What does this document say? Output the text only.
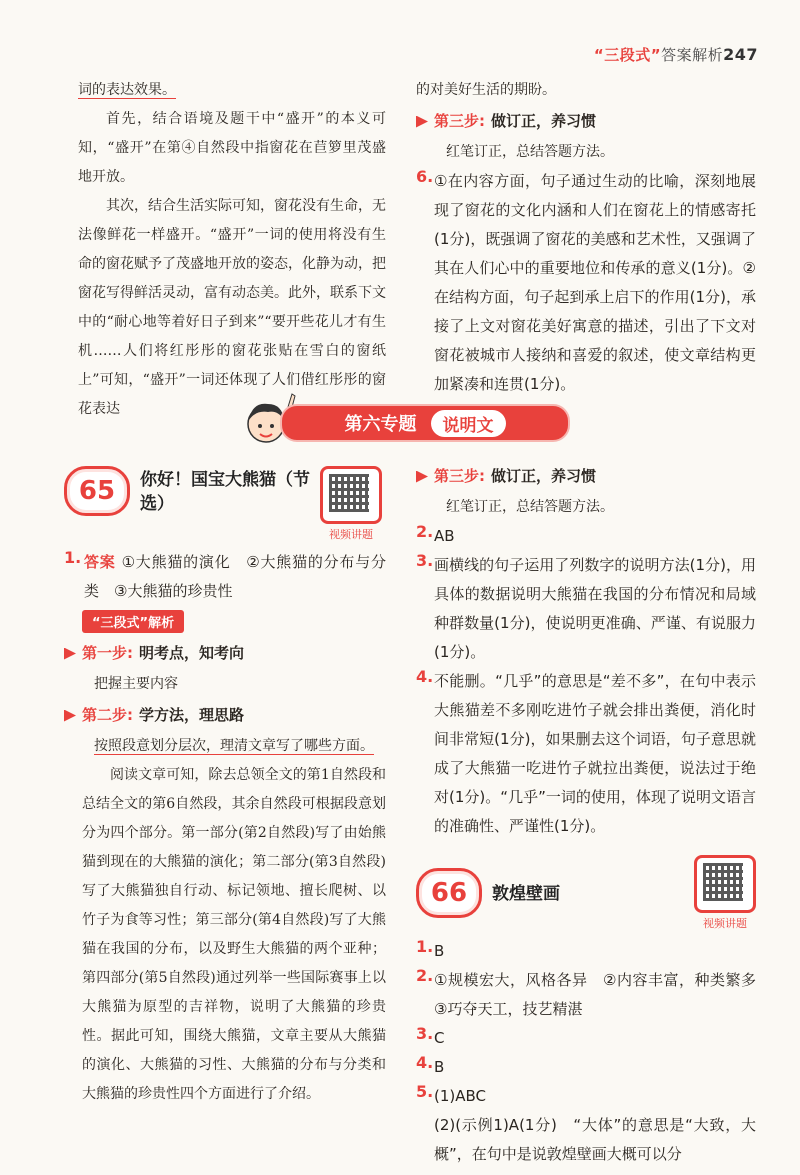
“三段式”答案解析247

词的表达效果。

首先，结合语境及题干中“盛开”的本义可知，“盛开”在第④自然段中指窗花在苣箩里茂盛地开放。

其次，结合生活实际可知，窗花没有生命，无法像鲜花一样盛开。“盛开”一词的使用将没有生命的窗花赋予了茂盛地开放的姿态，化静为动，把窗花写得鲜活灵动，富有动态美。此外，联系下文中的“耐心地等着好日子到来”“要开些花儿才有生机……人们将红彤彤的窗花张贴在雪白的窗纸上”可知，“盛开”一词还体现了人们借红彤彤的窗花表达

的对美好生活的期盼。

第三步: 做订正，养习惯

红笔订正，总结答题方法。

6. ①在内容方面，句子通过生动的比喻，深刻地展现了窗花的文化内涵和人们在窗花上的情感寄托(1分)，既强调了窗花的美感和艺术性，又强调了其在人们心中的重要地位和传承的意义(1分)。②在结构方面，句子起到承上启下的作用(1分)，承接了上文对窗花美好寓意的描述，引出了下文对窗花被城市人接纳和喜爱的叙述，使文章结构更加紧凑和连贯(1分)。

第六专题	说明文
65	你好！国宝大熊猫（节选）
视频讲题
1. 答案 ①大熊猫的演化　②大熊猫的分布与分类　③大熊猫的珍贵性

“三段式”解析
第一步: 明考点，知考向

把握主要内容

第二步: 学方法，理思路

按照段意划分层次，理清文章写了哪些方面。

阅读文章可知，除去总领全文的第1自然段和总结全文的第6自然段，其余自然段可根据段意划分为四个部分。第一部分(第2自然段)写了由始熊猫到现在的大熊猫的演化；第二部分(第3自然段)写了大熊猫独自行动、标记领地、擅长爬树、以竹子为食等习性；第三部分(第4自然段)写了大熊猫在我国的分布，以及野生大熊猫的两个亚种；第四部分(第5自然段)通过列举一些国际赛事上以大熊猫为原型的吉祥物，说明了大熊猫的珍贵性。据此可知，围绕大熊猫，文章主要从大熊猫的演化、大熊猫的习性、大熊猫的分布与分类和大熊猫的珍贵性四个方面进行了介绍。

第三步: 做订正，养习惯

红笔订正，总结答题方法。

2. AB

3. 画横线的句子运用了列数字的说明方法(1分)，用具体的数据说明大熊猫在我国的分布情况和局域种群数量(1分)，使说明更准确、严谨、有说服力(1分)。

4. 不能删。“几乎”的意思是“差不多”，在句中表示大熊猫差不多刚吃进竹子就会排出粪便，消化时间非常短(1分)，如果删去这个词语，句子意思就成了大熊猫一吃进竹子就拉出粪便，说法过于绝对(1分)。“几乎”一词的使用，体现了说明文语言的准确性、严谨性(1分)。

66	敦煌壁画
视频讲题
1. B

2. ①规模宏大，风格各异　②内容丰富，种类繁多　③巧夺天工，技艺精湛

3. C

4. B

5. (1)ABC

(2)(示例1)A(1分)　“大体”的意思是“大致，大概”，在句中是说敦煌壁画大概可以分
